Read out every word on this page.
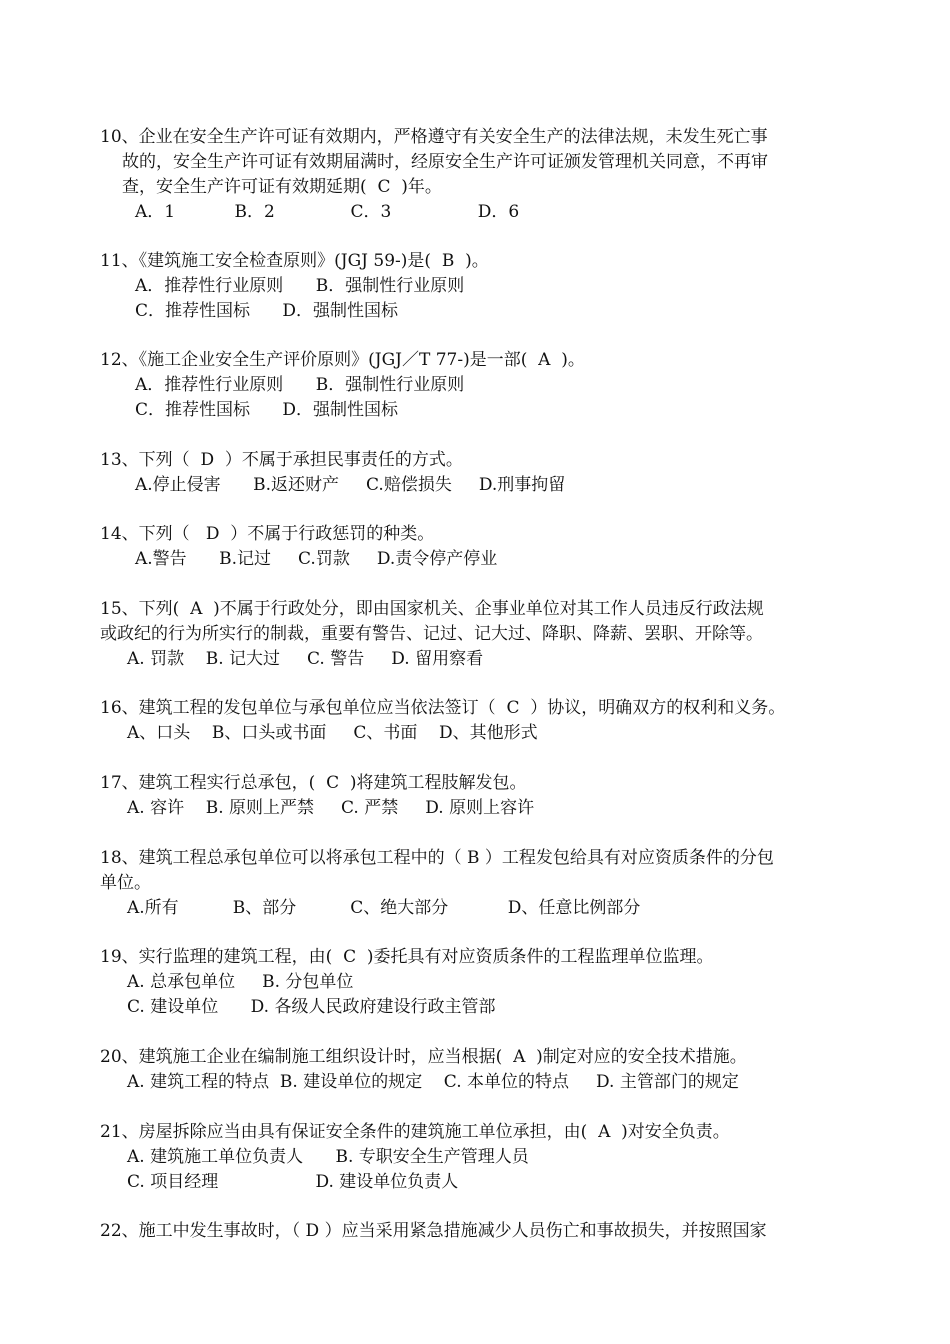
10、企业在安全生产许可证有效期内，严格遵守有关安全生产的法律法规，未发生死亡事
故的，安全生产许可证有效期届满时，经原安全生产许可证颁发管理机关同意，不再审
查，安全生产许可证有效期延期(  C  )年。
A．1           B．2              C．3                D．6
11、《建筑施工安全检查原则》(JGJ 59-)是(  B  )。
A．推荐性行业原则      B．强制性行业原则
C．推荐性国标      D．强制性国标
12、《施工企业安全生产评价原则》(JGJ／T 77-)是一部(  A  )。
A．推荐性行业原则      B．强制性行业原则
C．推荐性国标      D．强制性国标
13、下列（  D  ）不属于承担民事责任的方式。
A.停止侵害      B.返还财产     C.赔偿损失     D.刑事拘留
14、下列（   D  ）不属于行政惩罚的种类。
A.警告      B.记过     C.罚款     D.责令停产停业
15、下列(  A  )不属于行政处分，即由国家机关、企事业单位对其工作人员违反行政法规
或政纪的行为所实行的制裁，重要有警告、记过、记大过、降职、降薪、罢职、开除等。
A. 罚款    B. 记大过     C. 警告     D. 留用察看
16、建筑工程的发包单位与承包单位应当依法签订（  C  ）协议，明确双方的权利和义务。
A、口头    B、口头或书面     C、书面    D、其他形式
17、建筑工程实行总承包，(  C  )将建筑工程肢解发包。
A. 容许    B. 原则上严禁     C. 严禁     D. 原则上容许
18、建筑工程总承包单位可以将承包工程中的（ B ）工程发包给具有对应资质条件的分包
单位。
A.所有          B、部分          C、绝大部分           D、任意比例部分
19、实行监理的建筑工程，由(  C  )委托具有对应资质条件的工程监理单位监理。
A. 总承包单位     B. 分包单位
C. 建设单位      D. 各级人民政府建设行政主管部
20、建筑施工企业在编制施工组织设计时，应当根据(  A  )制定对应的安全技术措施。
A. 建筑工程的特点  B. 建设单位的规定    C. 本单位的特点     D. 主管部门的规定
21、房屋拆除应当由具有保证安全条件的建筑施工单位承担，由(  A  )对安全负责。
A. 建筑施工单位负责人      B. 专职安全生产管理人员
C. 项目经理                  D. 建设单位负责人
22、施工中发生事故时，（ D ）应当采用紧急措施减少人员伤亡和事故损失，并按照国家
